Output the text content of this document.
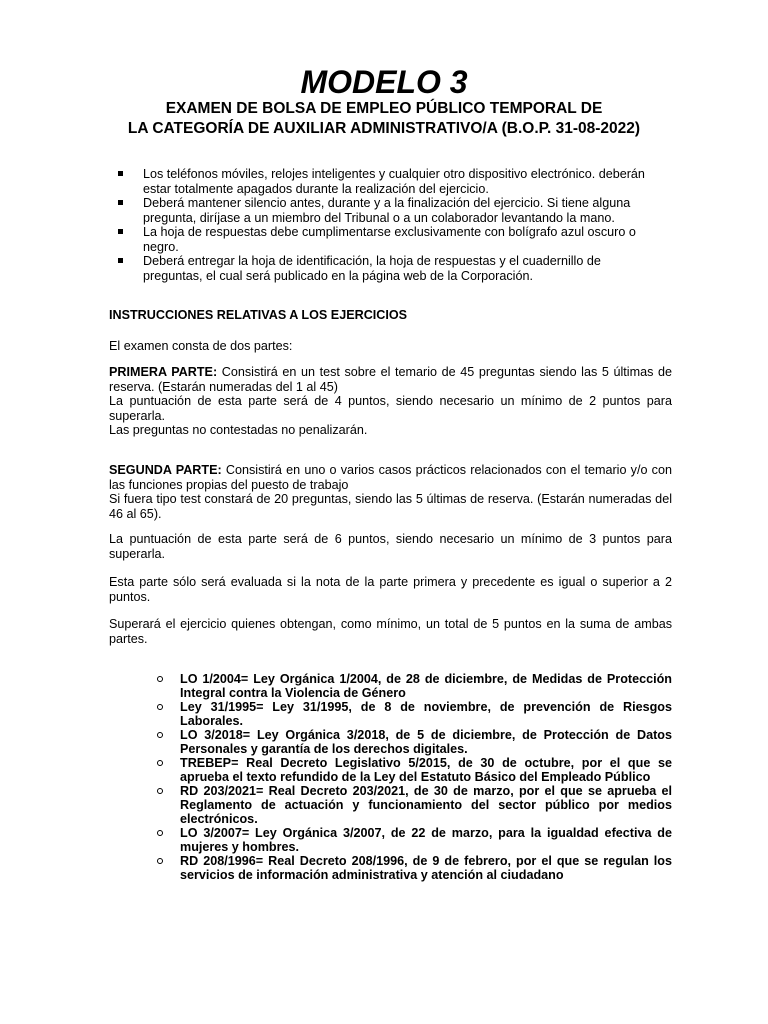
MODELO 3
EXAMEN DE BOLSA DE EMPLEO PÚBLICO TEMPORAL DE
LA CATEGORÍA DE AUXILIAR ADMINISTRATIVO/A (B.O.P. 31-08-2022)
Los teléfonos móviles, relojes inteligentes y cualquier otro dispositivo electrónico. deberán estar totalmente apagados durante la realización del ejercicio.
Deberá mantener silencio antes, durante y a la finalización del ejercicio. Si tiene alguna pregunta, diríjase a un miembro del Tribunal o a un colaborador levantando la mano.
La hoja de respuestas debe cumplimentarse exclusivamente con bolígrafo azul oscuro o negro.
Deberá entregar la hoja de identificación, la hoja de respuestas y el cuadernillo de preguntas, el cual será publicado en la página web de la Corporación.
INSTRUCCIONES RELATIVAS A LOS EJERCICIOS
El examen consta de dos partes:

PRIMERA PARTE: Consistirá en un test sobre el temario de 45 preguntas siendo las 5 últimas de reserva. (Estarán numeradas del 1 al 45)

La puntuación de esta parte será de 4 puntos, siendo necesario un mínimo de 2 puntos para superarla.

Las preguntas no contestadas no penalizarán.

SEGUNDA PARTE: Consistirá en uno o varios casos prácticos relacionados con el temario y/o con las funciones propias del puesto de trabajo

Si fuera tipo test constará de 20 preguntas, siendo las 5 últimas de reserva. (Estarán numeradas del 46 al 65).

La puntuación de esta parte será de 6 puntos, siendo necesario un mínimo de 3 puntos para superarla.
Esta parte sólo será evaluada si la nota de la parte primera y precedente es igual o superior a 2 puntos.
Superará el ejercicio quienes obtengan, como mínimo, un total de 5 puntos en la suma de ambas partes.
LO 1/2004= Ley Orgánica 1/2004, de 28 de diciembre, de Medidas de Protección Integral contra la Violencia de Género
Ley 31/1995= Ley 31/1995, de 8 de noviembre, de prevención de Riesgos Laborales.
LO 3/2018= Ley Orgánica 3/2018, de 5 de diciembre, de Protección de Datos Personales y garantía de los derechos digitales.
TREBEP= Real Decreto Legislativo 5/2015, de 30 de octubre, por el que se aprueba el texto refundido de la Ley del Estatuto Básico del Empleado Público
RD 203/2021= Real Decreto 203/2021, de 30 de marzo, por el que se aprueba el Reglamento de actuación y funcionamiento del sector público por medios electrónicos.
LO 3/2007= Ley Orgánica 3/2007, de 22 de marzo, para la igualdad efectiva de mujeres y hombres.
RD 208/1996= Real Decreto 208/1996, de 9 de febrero, por el que se regulan los servicios de información administrativa y atención al ciudadano
